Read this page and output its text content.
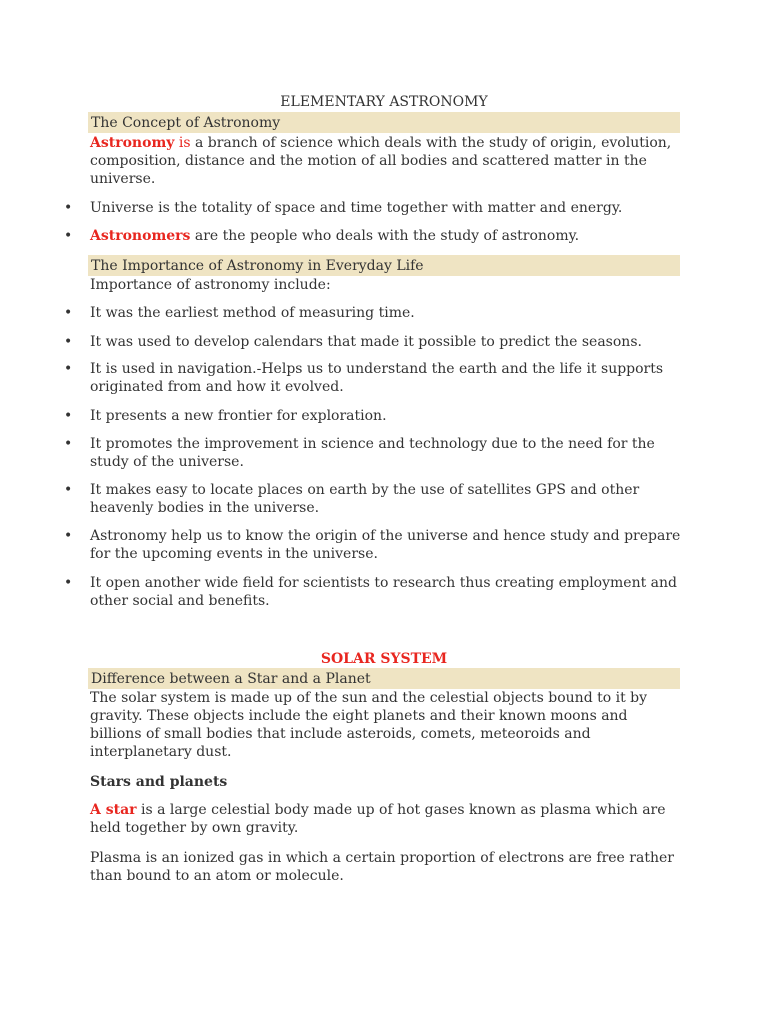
ELEMENTARY ASTRONOMY
The Concept of Astronomy

Astronomy is a branch of science which deals with the study of origin, evolution, composition, distance and the motion of all bodies and scattered matter in the universe.

• Universe is the totality of space and time together with matter and energy.

• Astronomers are the people who deals with the study of astronomy.

The Importance of Astronomy in Everyday Life

Importance of astronomy include:

• It was the earliest method of measuring time.

• It was used to develop calendars that made it possible to predict the seasons.

• It is used in navigation.-Helps us to understand the earth and the life it supports originated from and how it evolved.

• It presents a new frontier for exploration.

• It promotes the improvement in science and technology due to the need for the study of the universe.

• It makes easy to locate places on earth by the use of satellites GPS and other heavenly bodies in the universe.

• Astronomy help us to know the origin of the universe and hence study and prepare for the upcoming events in the universe.

• It open another wide field for scientists to research thus creating employment and other social and benefits.

SOLAR SYSTEM
Difference between a Star and a Planet

The solar system is made up of the sun and the celestial objects bound to it by gravity. These objects include the eight planets and their known moons and billions of small bodies that include asteroids, comets, meteoroids and interplanetary dust.

Stars and planets

A star is a large celestial body made up of hot gases known as plasma which are held together by own gravity.

Plasma is an ionized gas in which a certain proportion of electrons are free rather than bound to an atom or molecule.
